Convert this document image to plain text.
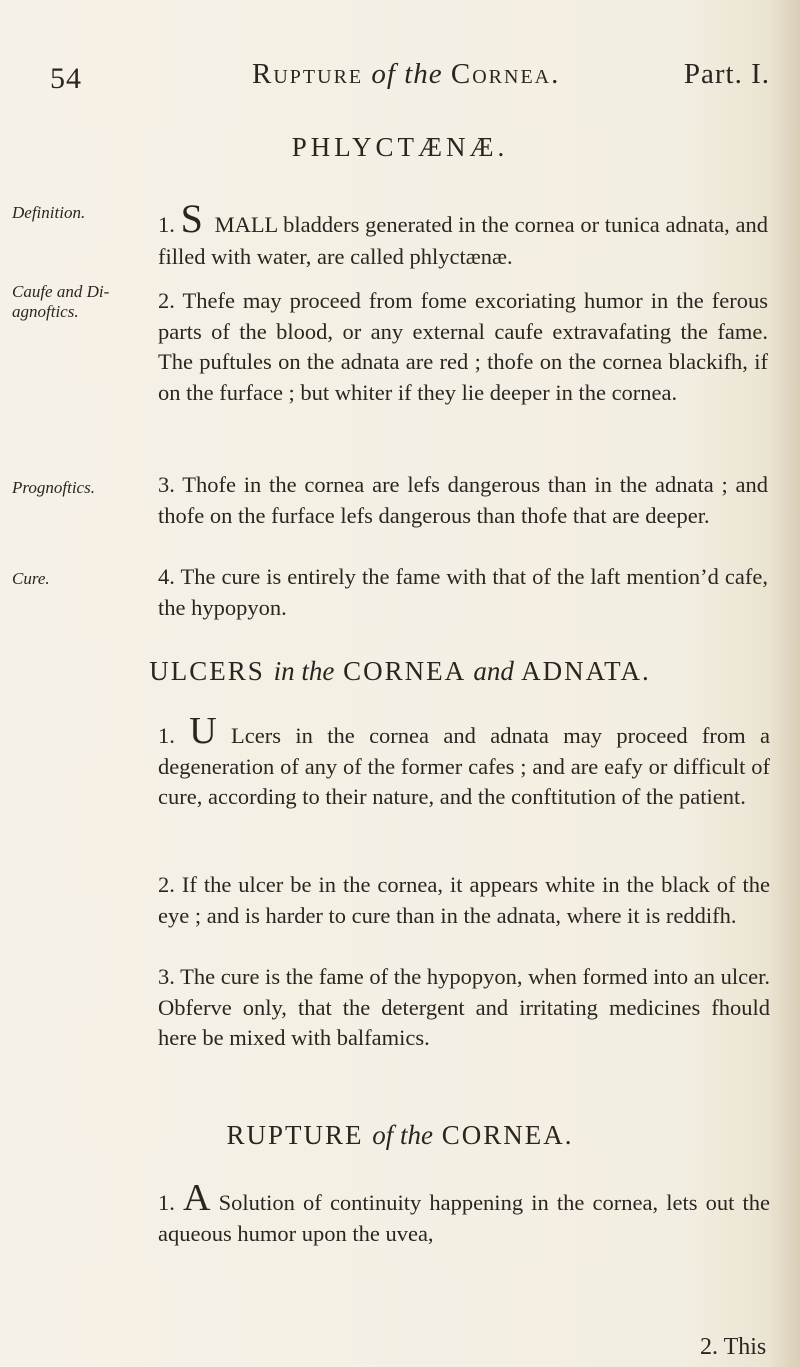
54	Rupture of the Cornea.	Part. I.
PHLYCTÆNÆ.
Definition.
Caufe and Di-
agnoftics.
Prognoftics.
Cure.
1. S MALL bladders generated in the cornea or tunica adnata, and filled with water, are called phlyctænæ.
2. Thefe may proceed from fome excoriating humor in the ferous parts of the blood, or any external caufe extravafating the fame. The puftules on the adnata are red ; thofe on the cornea blackifh, if on the furface ; but whiter if they lie deeper in the cornea.
3. Thofe in the cornea are lefs dangerous than in the adnata ; and thofe on the furface lefs dangerous than thofe that are deeper.
4. The cure is entirely the fame with that of the laft mention’d cafe, the hypopyon.
ULCERS in the CORNEA and ADNATA.
1. U Lcers in the cornea and adnata may proceed from a degeneration of any of the former cafes ; and are eafy or difficult of cure, according to their nature, and the conftitution of the patient.
2. If the ulcer be in the cornea, it appears white in the black of the eye ; and is harder to cure than in the adnata, where it is reddifh.
3. The cure is the fame of the hypopyon, when formed into an ulcer. Obferve only, that the detergent and irritating medicines fhould here be mixed with balfamics.
RUPTURE of the CORNEA.
1. A Solution of continuity happening in the cornea, lets out the aqueous humor upon the uvea,
2. This
